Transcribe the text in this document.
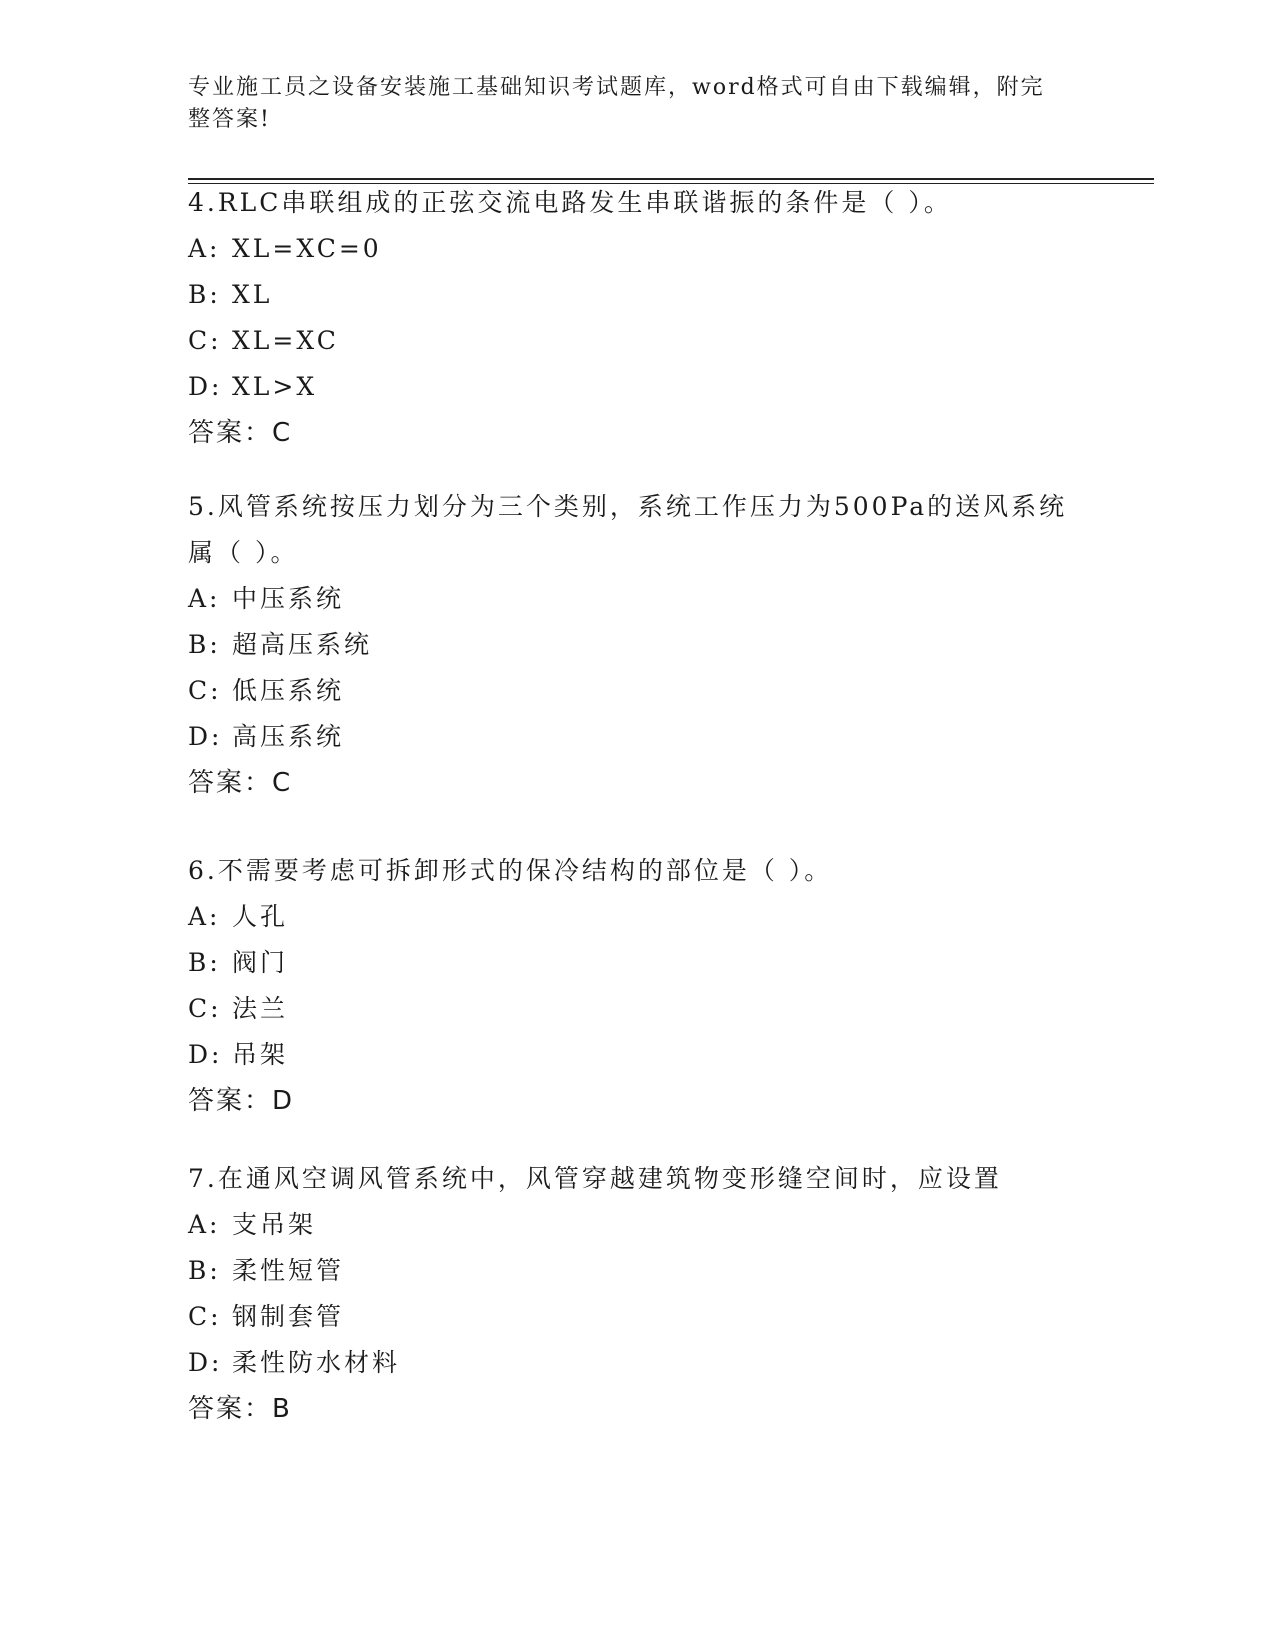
专业施工员之设备安装施工基础知识考试题库，word格式可自由下载编辑，附完整答案!

4.RLC串联组成的正弦交流电路发生串联谐振的条件是（ ）。

A: XL=XC=0

B: XL

C: XL=XC

D: XL>X

答案：C

5.风管系统按压力划分为三个类别，系统工作压力为500Pa的送风系统属（ ）。

A: 中压系统

B: 超高压系统

C: 低压系统

D: 高压系统

答案：C

6.不需要考虑可拆卸形式的保冷结构的部位是（ ）。

A: 人孔

B: 阀门

C: 法兰

D: 吊架

答案：D

7.在通风空调风管系统中，风管穿越建筑物变形缝空间时，应设置

A: 支吊架

B: 柔性短管

C: 钢制套管

D: 柔性防水材料

答案：B
